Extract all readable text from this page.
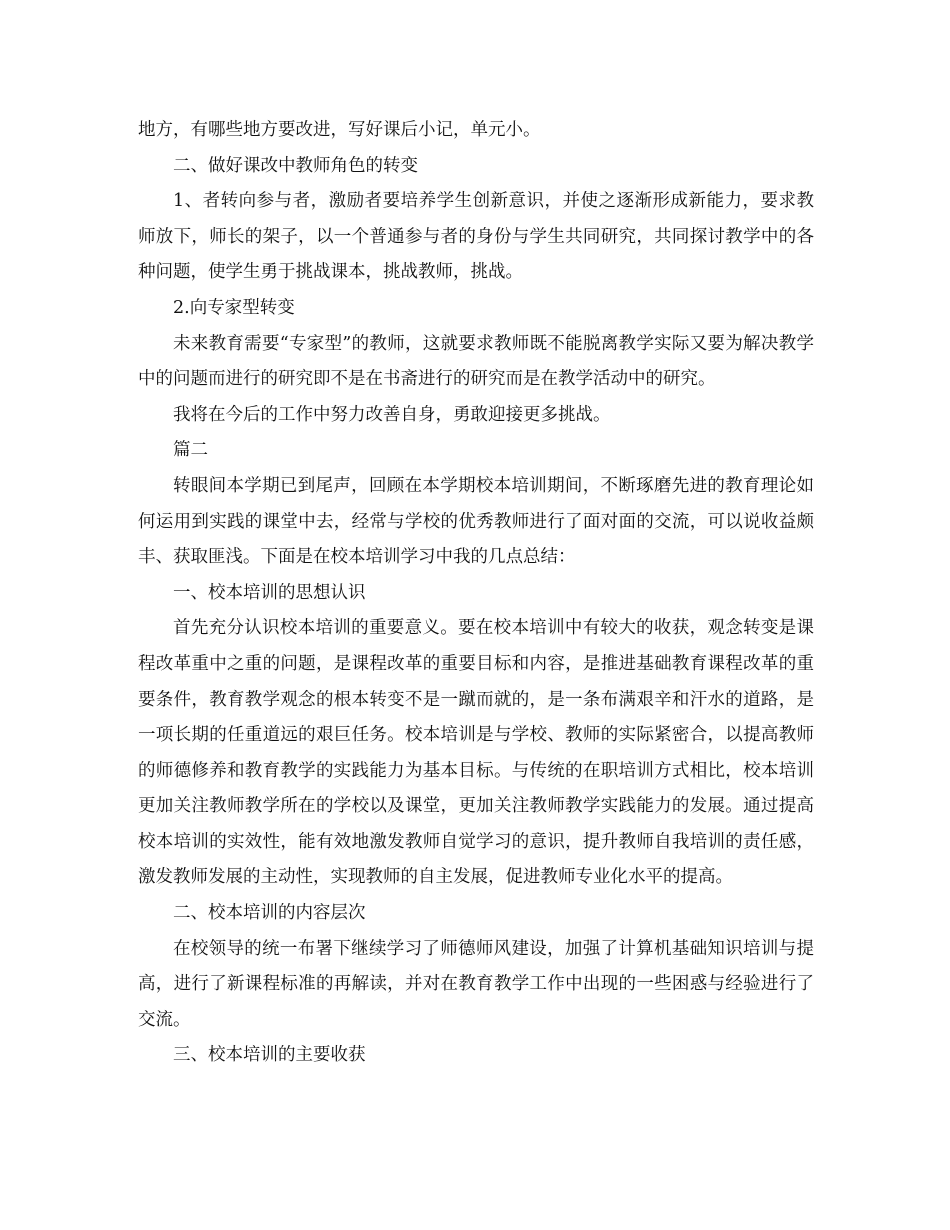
地方，有哪些地方要改进，写好课后小记，单元小。

二、做好课改中教师角色的转变

1、者转向参与者，激励者要培养学生创新意识，并使之逐渐形成新能力，要求教师放下，师长的架子，以一个普通参与者的身份与学生共同研究，共同探讨教学中的各种问题，使学生勇于挑战课本，挑战教师，挑战。

2.向专家型转变

未来教育需要“专家型”的教师，这就要求教师既不能脱离教学实际又要为解决教学中的问题而进行的研究即不是在书斋进行的研究而是在教学活动中的研究。

我将在今后的工作中努力改善自身，勇敢迎接更多挑战。

篇二

转眼间本学期已到尾声，回顾在本学期校本培训期间，不断琢磨先进的教育理论如何运用到实践的课堂中去，经常与学校的优秀教师进行了面对面的交流，可以说收益颇丰、获取匪浅。下面是在校本培训学习中我的几点总结：

一、校本培训的思想认识

首先充分认识校本培训的重要意义。要在校本培训中有较大的收获，观念转变是课程改革重中之重的问题，是课程改革的重要目标和内容，是推进基础教育课程改革的重要条件，教育教学观念的根本转变不是一蹴而就的，是一条布满艰辛和汗水的道路，是一项长期的任重道远的艰巨任务。校本培训是与学校、教师的实际紧密合，以提高教师的师德修养和教育教学的实践能力为基本目标。与传统的在职培训方式相比，校本培训更加关注教师教学所在的学校以及课堂，更加关注教师教学实践能力的发展。通过提高校本培训的实效性，能有效地激发教师自觉学习的意识，提升教师自我培训的责任感，激发教师发展的主动性，实现教师的自主发展，促进教师专业化水平的提高。

二、校本培训的内容层次

在校领导的统一布署下继续学习了师德师风建设，加强了计算机基础知识培训与提高，进行了新课程标准的再解读，并对在教育教学工作中出现的一些困惑与经验进行了交流。

三、校本培训的主要收获
